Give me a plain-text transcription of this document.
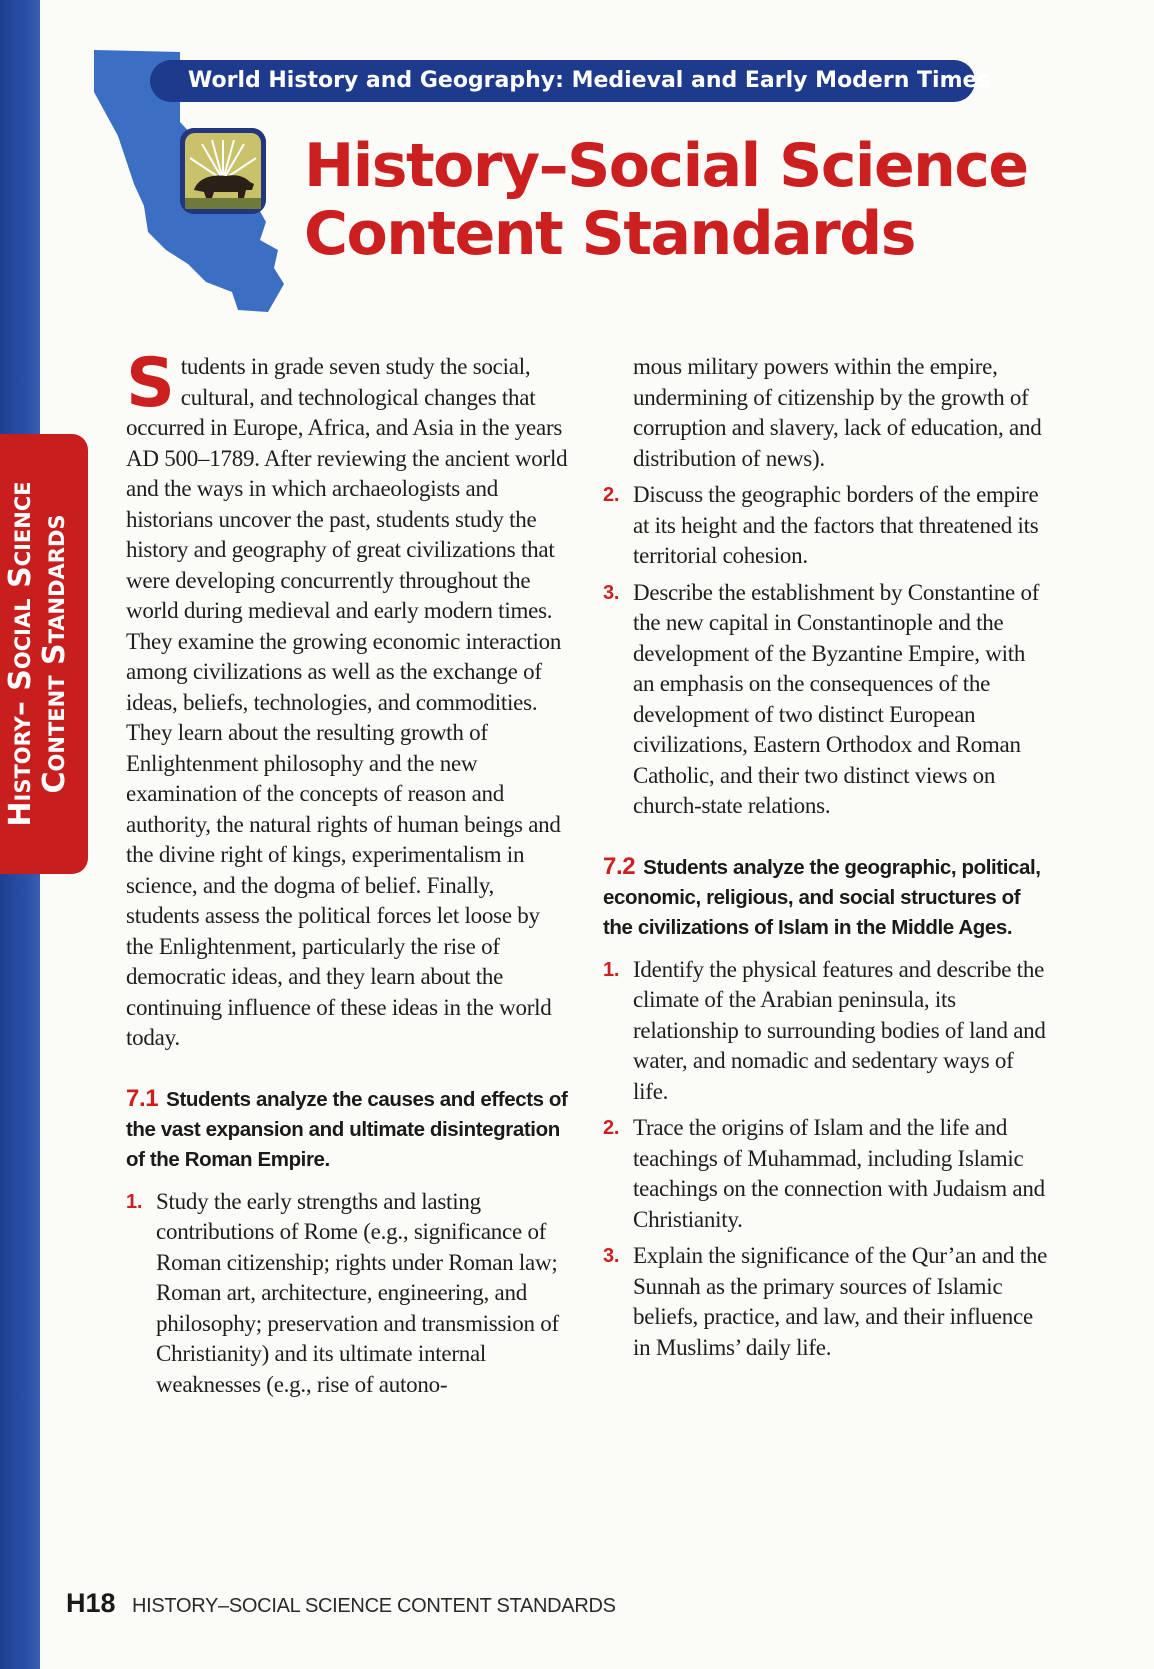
History– Social Science Content Standards
World History and Geography: Medieval and Early Modern Times
History–Social Science
Content Standards

Students in grade seven study the social, cultural, and technological changes that occurred in Europe, Africa, and Asia in the years AD 500–1789. After reviewing the ancient world and the ways in which archaeologists and historians uncover the past, students study the history and geography of great civilizations that were developing concurrently throughout the world during medieval and early modern times. They examine the growing economic interaction among civilizations as well as the exchange of ideas, beliefs, technologies, and commodities. They learn about the resulting growth of Enlightenment philosophy and the new examination of the concepts of reason and authority, the natural rights of human beings and the divine right of kings, experimentalism in science, and the dogma of belief. Finally, students assess the political forces let loose by the Enlightenment, particularly the rise of democratic ideas, and they learn about the continuing influence of these ideas in the world today.

7.1 Students analyze the causes and effects of the vast expansion and ultimate disintegration of the Roman Empire.
1. Study the early strengths and lasting contributions of Rome (e.g., significance of Roman citizenship; rights under Roman law; Roman art, architecture, engineering, and philosophy; preservation and transmission of Christianity) and its ultimate internal weaknesses (e.g., rise of autono-

mous military powers within the empire, undermining of citizenship by the growth of corruption and slavery, lack of education, and distribution of news).

2. Discuss the geographic borders of the empire at its height and the factors that threatened its territorial cohesion.
3. Describe the establishment by Constantine of the new capital in Constantinople and the development of the Byzantine Empire, with an emphasis on the consequences of the development of two distinct European civilizations, Eastern Orthodox and Roman Catholic, and their two distinct views on church-state relations.
7.2 Students analyze the geographic, political, economic, religious, and social structures of the civilizations of Islam in the Middle Ages.
1. Identify the physical features and describe the climate of the Arabian peninsula, its relationship to surrounding bodies of land and water, and nomadic and sedentary ways of life.
2. Trace the origins of Islam and the life and teachings of Muhammad, including Islamic teachings on the connection with Judaism and Christianity.
3. Explain the significance of the Qur’an and the Sunnah as the primary sources of Islamic beliefs, practice, and law, and their influence in Muslims’ daily life.
H18 HISTORY–SOCIAL SCIENCE CONTENT STANDARDS
